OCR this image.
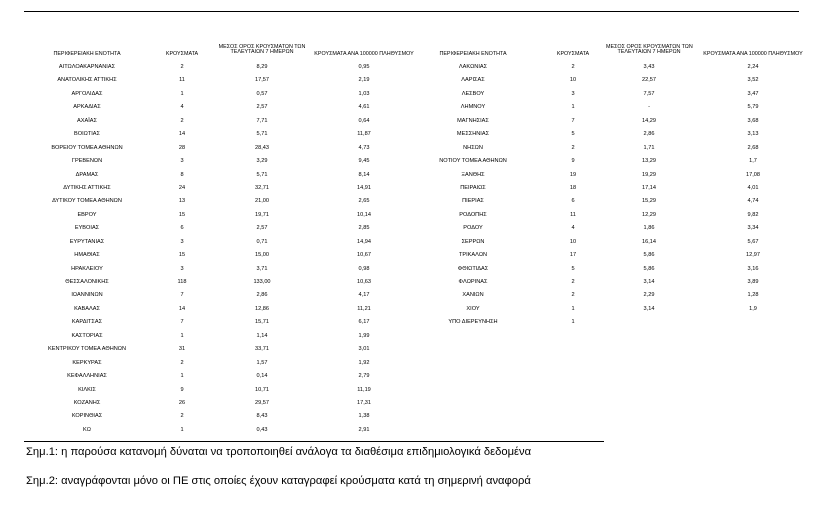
ΠΕΡΙΦΕΡΕΙΑΚΗ ΕΝΟΤΗΤΑ	ΚΡΟΥΣΜΑΤΑ
ΜΕΣΟΣ ΟΡΟΣ ΚΡΟΥΣΜΑΤΩΝ ΤΩΝ
ΤΕΛΕΥΤΑΙΩΝ 7 ΗΜΕΡΩΝ	ΚΡΟΥΣΜΑΤΑ ΑΝΑ 100000 ΠΛΗΘΥΣΜΟΥ
ΑΙΤΩΛΟΑΚΑΡΝΑΝΙΑΣ	2	8,29	0,95
ΑΝΑΤΟΛΙΚΗΣ ΑΤΤΙΚΗΣ	11	17,57	2,19
ΑΡΓΟΛΙΔΑΣ	1	0,57	1,03
ΑΡΚΑΔΙΑΣ	4	2,57	4,61
ΑΧΑΪΑΣ	2	7,71	0,64
ΒΟΙΩΤΙΑΣ	14	5,71	11,87
ΒΟΡΕΙΟΥ ΤΟΜΕΑ ΑΘΗΝΩΝ	28	28,43	4,73
ΓΡΕΒΕΝΩΝ	3	3,29	9,45
ΔΡΑΜΑΣ	8	5,71	8,14
ΔΥΤΙΚΗΣ ΑΤΤΙΚΗΣ	24	32,71	14,91
ΔΥΤΙΚΟΥ ΤΟΜΕΑ ΑΘΗΝΩΝ	13	21,00	2,65
ΕΒΡΟΥ	15	19,71	10,14
ΕΥΒΟΙΑΣ	6	2,57	2,85
ΕΥΡΥΤΑΝΙΑΣ	3	0,71	14,94
ΗΜΑΘΙΑΣ	15	15,00	10,67
ΗΡΑΚΛΕΙΟΥ	3	3,71	0,98
ΘΕΣΣΑΛΟΝΙΚΗΣ	118	133,00	10,63
ΙΩΑΝΝΙΝΩΝ	7	2,86	4,17
ΚΑΒΑΛΑΣ	14	12,86	11,21
ΚΑΡΔΙΤΣΑΣ	7	15,71	6,17
ΚΑΣΤΟΡΙΑΣ	1	1,14	1,99
ΚΕΝΤΡΙΚΟΥ ΤΟΜΕΑ ΑΘΗΝΩΝ	31	33,71	3,01
ΚΕΡΚΥΡΑΣ	2	1,57	1,92
ΚΕΦΑΛΛΗΝΙΑΣ	1	0,14	2,79
ΚΙΛΚΙΣ	9	10,71	11,19
ΚΟΖΑΝΗΣ	26	29,57	17,31
ΚΟΡΙΝΘΙΑΣ	2	8,43	1,38
ΚΩ	1	0,43	2,91
ΠΕΡΙΦΕΡΕΙΑΚΗ ΕΝΟΤΗΤΑ	ΚΡΟΥΣΜΑΤΑ
ΜΕΣΟΣ ΟΡΟΣ ΚΡΟΥΣΜΑΤΩΝ ΤΩΝ
ΤΕΛΕΥΤΑΙΩΝ 7 ΗΜΕΡΩΝ	ΚΡΟΥΣΜΑΤΑ ΑΝΑ 100000 ΠΛΗΘΥΣΜΟΥ
ΛΑΚΩΝΙΑΣ	2	3,43	2,24
ΛΑΡΙΣΑΣ	10	22,57	3,52
ΛΕΣΒΟΥ	3	7,57	3,47
ΛΗΜΝΟΥ	1	-	5,79
ΜΑΓΝΗΣΙΑΣ	7	14,29	3,68
ΜΕΣΣΗΝΙΑΣ	5	2,86	3,13
ΝΗΣΩΝ	2	1,71	2,68
ΝΟΤΙΟΥ ΤΟΜΕΑ ΑΘΗΝΩΝ	9	13,29	1,7
ΞΑΝΘΗΣ	19	19,29	17,08
ΠΕΙΡΑΙΩΣ	18	17,14	4,01
ΠΙΕΡΙΑΣ	6	15,29	4,74
ΡΟΔΟΠΗΣ	11	12,29	9,82
ΡΟΔΟΥ	4	1,86	3,34
ΣΕΡΡΩΝ	10	16,14	5,67
ΤΡΙΚΑΛΩΝ	17	5,86	12,97
ΦΘΙΩΤΙΔΑΣ	5	5,86	3,16
ΦΛΩΡΙΝΑΣ	2	3,14	3,89
ΧΑΝΙΩΝ	2	2,29	1,28
ΧΙΟΥ	1	3,14	1,9
ΥΠΟ ΔΙΕΡΕΥΝΗΣΗ	1
Σημ.1: η παρούσα κατανομή δύναται να τροποποιηθεί ανάλογα τα διαθέσιμα επιδημιολογικά δεδομένα
Σημ.2: αναγράφονται μόνο οι ΠΕ στις οποίες έχουν καταγραφεί κρούσματα κατά τη σημερινή αναφορά
